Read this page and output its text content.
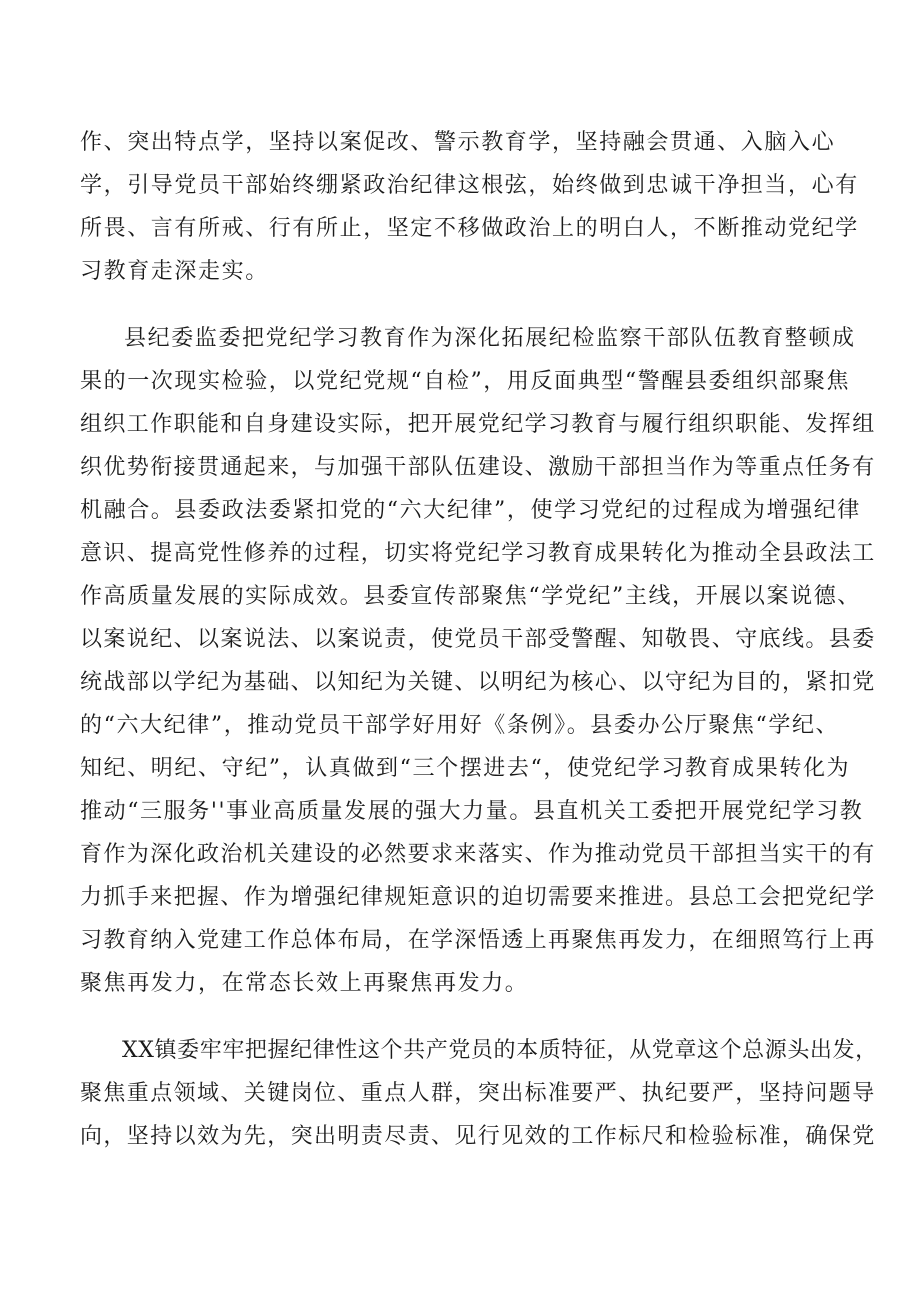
作、突出特点学，坚持以案促改、警示教育学，坚持融会贯通、入脑入心

学，引导党员干部始终绷紧政治纪律这根弦，始终做到忠诚干净担当，心有

所畏、言有所戒、行有所止，坚定不移做政治上的明白人，不断推动党纪学

习教育走深走实。

县纪委监委把党纪学习教育作为深化拓展纪检监察干部队伍教育整顿成

果的一次现实检验，以党纪党规“自检”，用反面典型“警醒县委组织部聚焦

组织工作职能和自身建设实际，把开展党纪学习教育与履行组织职能、发挥组

织优势衔接贯通起来，与加强干部队伍建设、激励干部担当作为等重点任务有

机融合。县委政法委紧扣党的“六大纪律”，使学习党纪的过程成为增强纪律

意识、提高党性修养的过程，切实将党纪学习教育成果转化为推动全县政法工

作高质量发展的实际成效。县委宣传部聚焦“学党纪”主线，开展以案说德、

以案说纪、以案说法、以案说责，使党员干部受警醒、知敬畏、守底线。县委

统战部以学纪为基础、以知纪为关键、以明纪为核心、以守纪为目的，紧扣党

的“六大纪律”，推动党员干部学好用好《条例》。县委办公厅聚焦“学纪、

知纪、明纪、守纪”，认真做到“三个摆进去“，使党纪学习教育成果转化为

推动“三服务''事业高质量发展的强大力量。县直机关工委把开展党纪学习教

育作为深化政治机关建设的必然要求来落实、作为推动党员干部担当实干的有

力抓手来把握、作为增强纪律规矩意识的迫切需要来推进。县总工会把党纪学

习教育纳入党建工作总体布局，在学深悟透上再聚焦再发力，在细照笃行上再

聚焦再发力，在常态长效上再聚焦再发力。

XX镇委牢牢把握纪律性这个共产党员的本质特征，从党章这个总源头出发，

聚焦重点领域、关键岗位、重点人群，突出标准要严、执纪要严，坚持问题导

向，坚持以效为先，突出明责尽责、见行见效的工作标尺和检验标准，确保党
